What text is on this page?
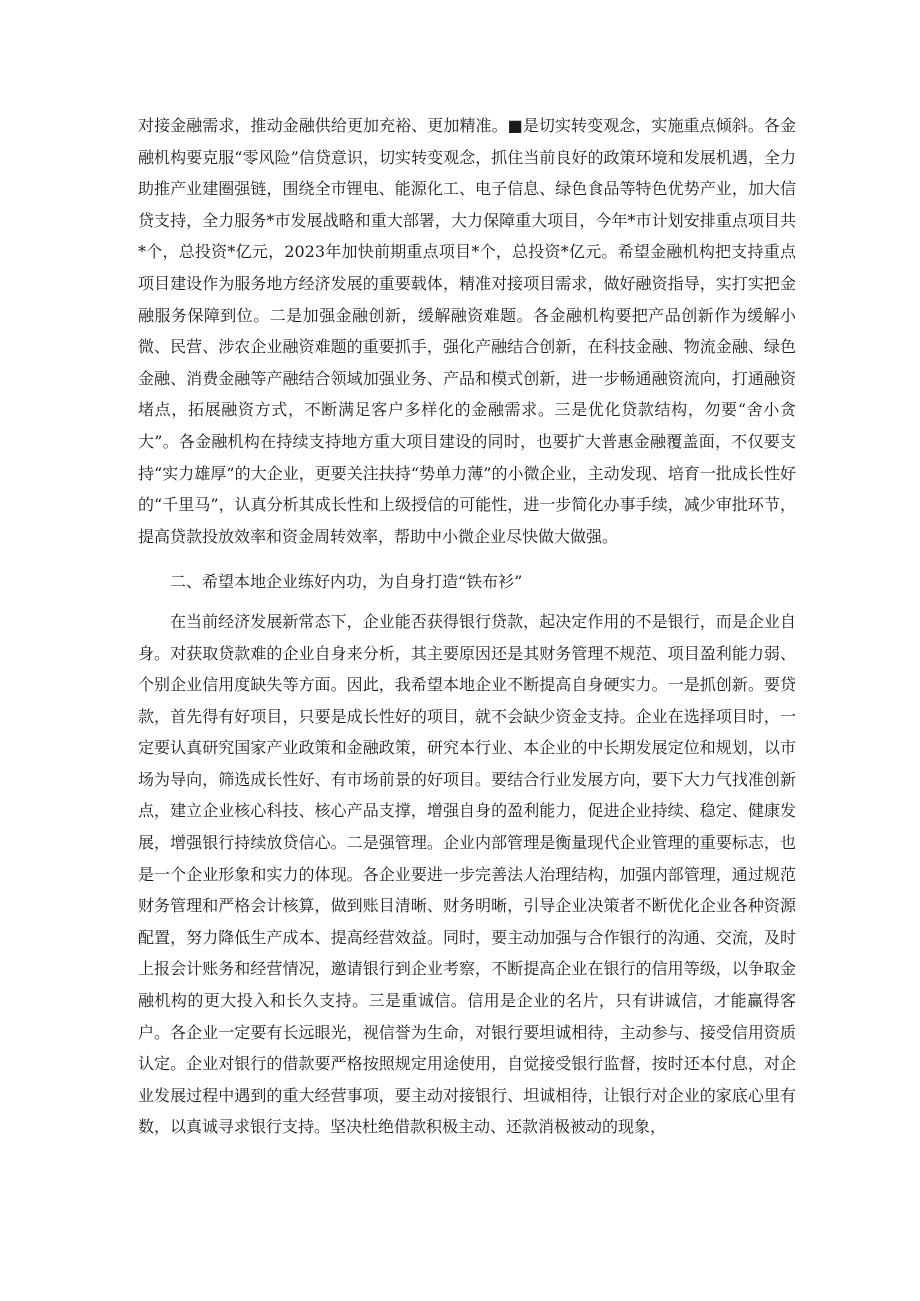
对接金融需求，推动金融供给更加充裕、更加精准。■是切实转变观念，实施重点倾斜。各金融机构要克服“零风险”信贷意识，切实转变观念，抓住当前良好的政策环境和发展机遇，全力助推产业建圈强链，围绕全市锂电、能源化工、电子信息、绿色食品等特色优势产业，加大信贷支持，全力服务*市发展战略和重大部署，大力保障重大项目，今年*市计划安排重点项目共*个，总投资*亿元，2023年加快前期重点项目*个，总投资*亿元。希望金融机构把支持重点项目建设作为服务地方经济发展的重要载体，精准对接项目需求，做好融资指导，实打实把金融服务保障到位。二是加强金融创新，缓解融资难题。各金融机构要把产品创新作为缓解小微、民营、涉农企业融资难题的重要抓手，强化产融结合创新，在科技金融、物流金融、绿色金融、消费金融等产融结合领域加强业务、产品和模式创新，进一步畅通融资流向，打通融资堵点，拓展融资方式，不断满足客户多样化的金融需求。三是优化贷款结构，勿要“舍小贪大”。各金融机构在持续支持地方重大项目建设的同时，也要扩大普惠金融覆盖面，不仅要支持“实力雄厚”的大企业，更要关注扶持“势单力薄”的小微企业，主动发现、培育一批成长性好的“千里马”，认真分析其成长性和上级授信的可能性，进一步简化办事手续，减少审批环节，提高贷款投放效率和资金周转效率，帮助中小微企业尽快做大做强。

二、希望本地企业练好内功，为自身打造“铁布衫”

在当前经济发展新常态下，企业能否获得银行贷款，起决定作用的不是银行，而是企业自身。对获取贷款难的企业自身来分析，其主要原因还是其财务管理不规范、项目盈利能力弱、个别企业信用度缺失等方面。因此，我希望本地企业不断提高自身硬实力。一是抓创新。要贷款，首先得有好项目，只要是成长性好的项目，就不会缺少资金支持。企业在选择项目时，一定要认真研究国家产业政策和金融政策，研究本行业、本企业的中长期发展定位和规划，以市场为导向，筛选成长性好、有市场前景的好项目。要结合行业发展方向，要下大力气找准创新点，建立企业核心科技、核心产品支撑，增强自身的盈利能力，促进企业持续、稳定、健康发展，增强银行持续放贷信心。二是强管理。企业内部管理是衡量现代企业管理的重要标志，也是一个企业形象和实力的体现。各企业要进一步完善法人治理结构，加强内部管理，通过规范财务管理和严格会计核算，做到账目清晰、财务明晰，引导企业决策者不断优化企业各种资源配置，努力降低生产成本、提高经营效益。同时，要主动加强与合作银行的沟通、交流，及时上报会计账务和经营情况，邀请银行到企业考察，不断提高企业在银行的信用等级，以争取金融机构的更大投入和长久支持。三是重诚信。信用是企业的名片，只有讲诚信，才能赢得客户。各企业一定要有长远眼光，视信誉为生命，对银行要坦诚相待，主动参与、接受信用资质认定。企业对银行的借款要严格按照规定用途使用，自觉接受银行监督，按时还本付息，对企业发展过程中遇到的重大经营事项，要主动对接银行、坦诚相待，让银行对企业的家底心里有数，以真诚寻求银行支持。坚决杜绝借款积极主动、还款消极被动的现象，
